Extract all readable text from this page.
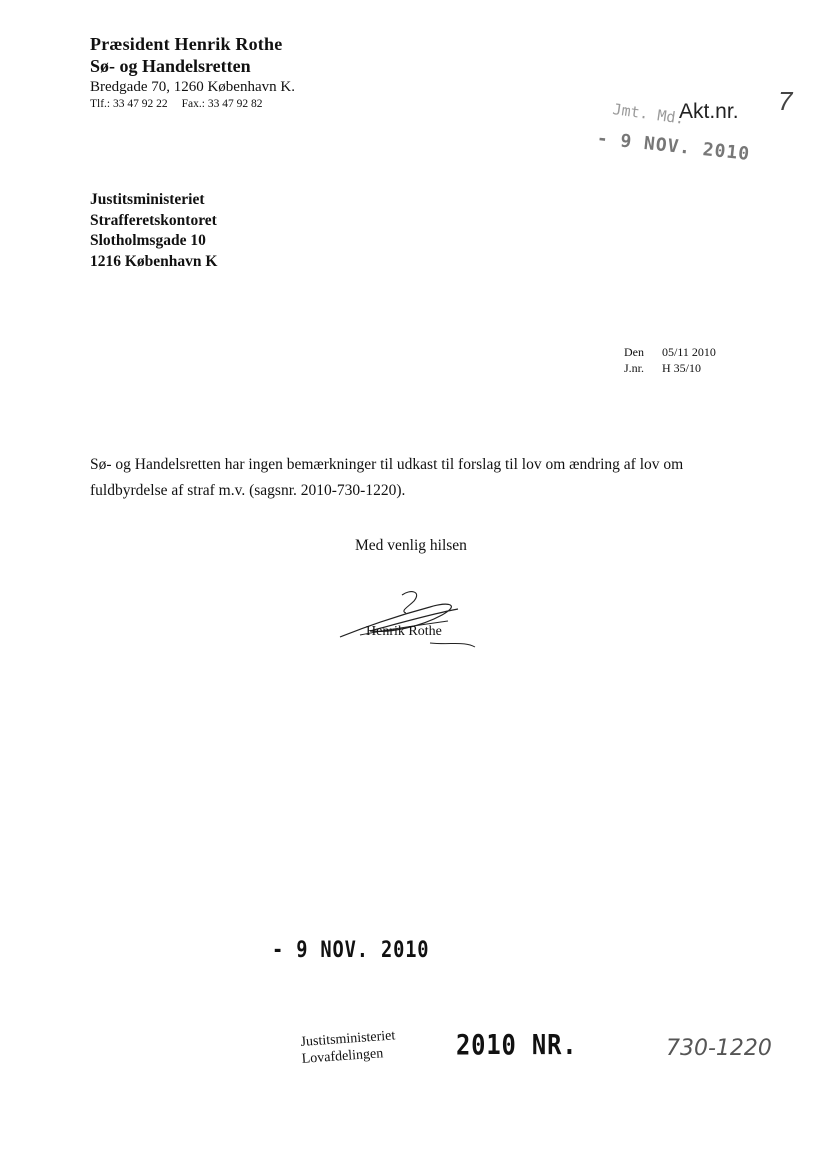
Præsident Henrik Rothe
Sø- og Handelsretten
Bredgade 70, 1260 København K.
Tlf.: 33 47 92 22 Fax.: 33 47 92 82	Jmt. Md.
Akt.nr. 7
- 9 NOV. 2010
Justitsministeriet
Strafferetskontoret
Slotholmsgade 10
1216 København K
Den 05/11 2010
J.nr. H 35/10
Sø- og Handelsretten har ingen bemærkninger til udkast til forslag til lov om ændring af lov om fuldbyrdelse af straf m.v. (sagsnr. 2010-730-1220).
Med venlig hilsen
Henrik Rothe
- 9 NOV. 2010
Justitsministeriet
Lovafdelingen	2010 NR.	730-1220
